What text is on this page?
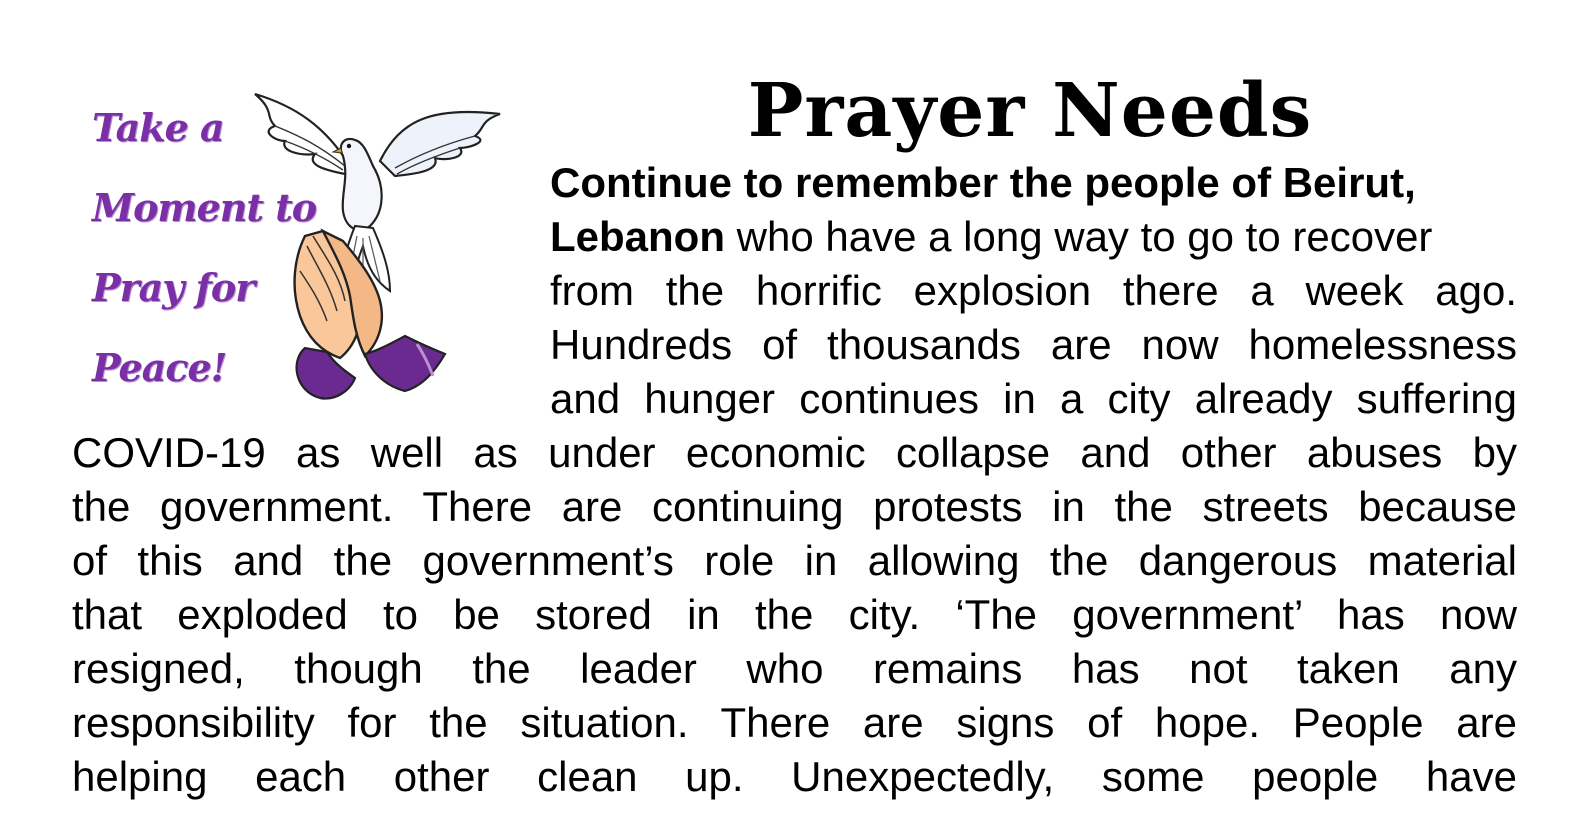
Take a
Moment to
Pray for
Peace!
Prayer Needs
Continue to remember the people of Beirut,
Lebanon who have a long way to go to recover
from the horrific explosion there a week ago.
Hundreds of thousands are now homelessness
and hunger continues in a city already suffering
COVID-19 as well as under economic collapse and other abuses by
the government. There are continuing protests in the streets because
of this and the government’s role in allowing the dangerous material
that exploded to be stored in the city. ‘The government’ has now
resigned, though the leader who remains has not taken any
responsibility for the situation. There are signs of hope. People are
helping each other clean up. Unexpectedly, some people have
